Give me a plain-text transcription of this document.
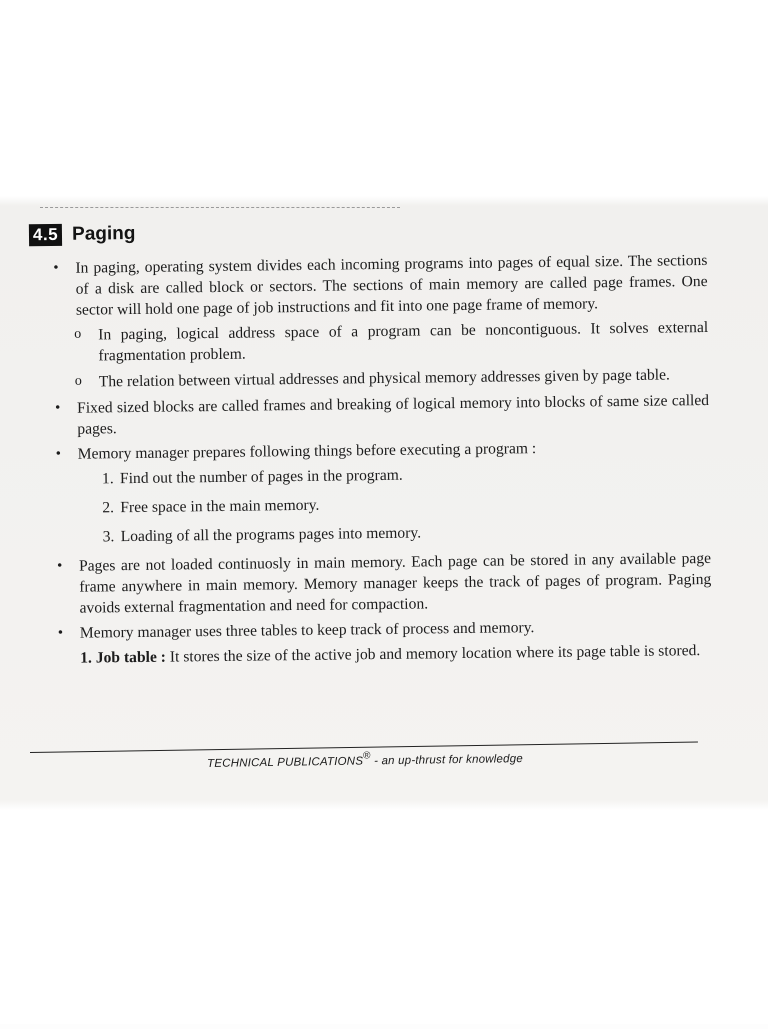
4.5 Paging
• In paging, operating system divides each incoming programs into pages of equal size. The sections of a disk are called block or sectors. The sections of main memory are called page frames. One sector will hold one page of job instructions and fit into one page frame of memory.
o In paging, logical address space of a program can be noncontiguous. It solves external fragmentation problem.
o The relation between virtual addresses and physical memory addresses given by page table.
• Fixed sized blocks are called frames and breaking of logical memory into blocks of same size called pages.
• Memory manager prepares following things before executing a program :
1. Find out the number of pages in the program.
2. Free space in the main memory.
3. Loading of all the programs pages into memory.
• Pages are not loaded continuosly in main memory. Each page can be stored in any available page frame anywhere in main memory. Memory manager keeps the track of pages of program. Paging avoids external fragmentation and need for compaction.
• Memory manager uses three tables to keep track of process and memory.
1. Job table : It stores the size of the active job and memory location where its page table is stored.
TECHNICAL PUBLICATIONS® - an up-thrust for knowledge
